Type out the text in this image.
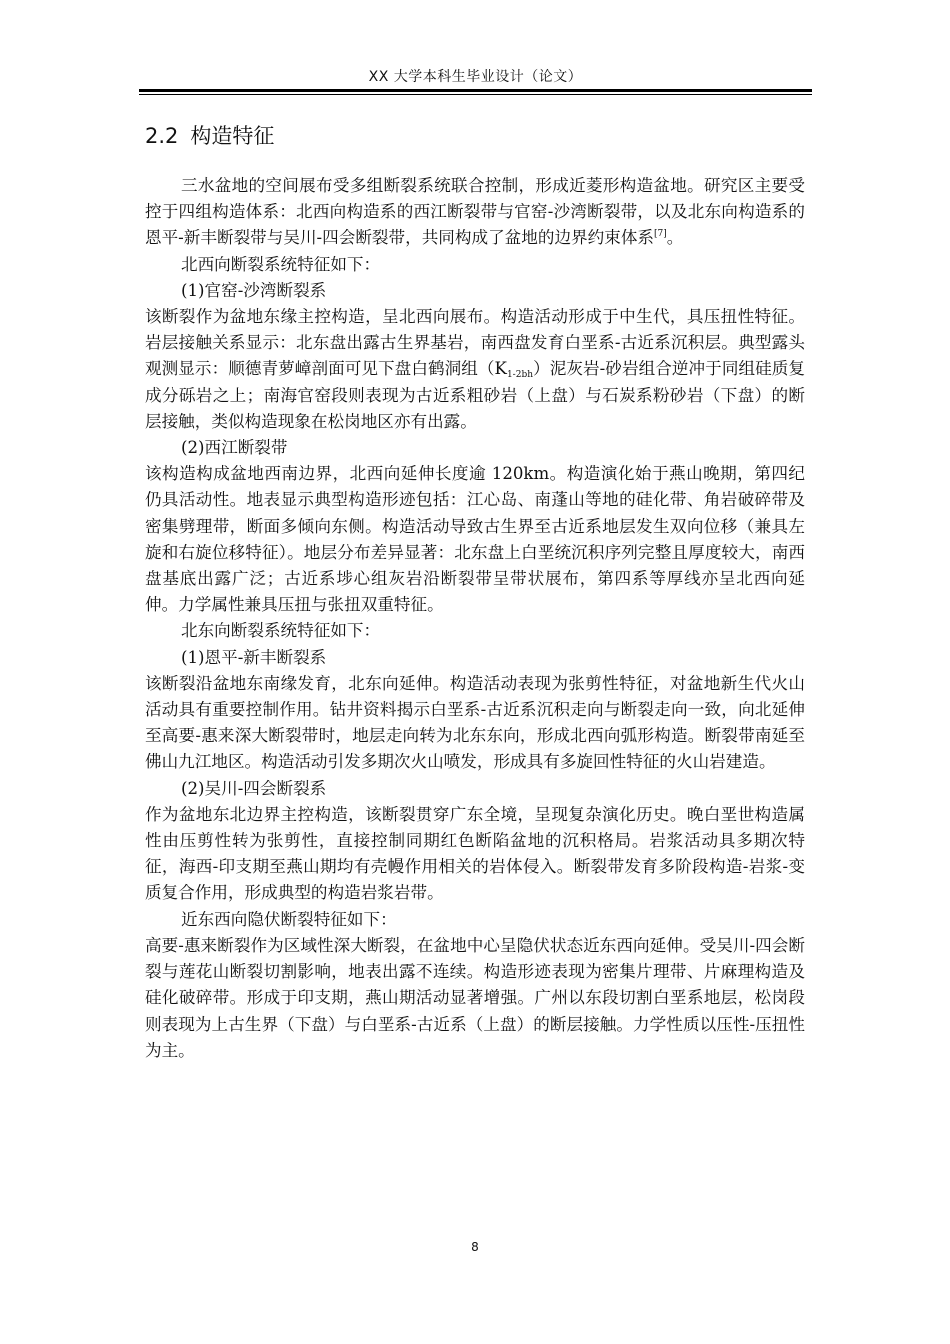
XX 大学本科生毕业设计（论文）
2.2 构造特征

三水盆地的空间展布受多组断裂系统联合控制，形成近菱形构造盆地。研究区主要受控于四组构造体系：北西向构造系的西江断裂带与官窑-沙湾断裂带，以及北东向构造系的恩平-新丰断裂带与吴川-四会断裂带，共同构成了盆地的边界约束体系[7]。

北西向断裂系统特征如下：

(1)官窑-沙湾断裂系

该断裂作为盆地东缘主控构造，呈北西向展布。构造活动形成于中生代，具压扭性特征。岩层接触关系显示：北东盘出露古生界基岩，南西盘发育白垩系-古近系沉积层。典型露头观测显示：顺德青萝嶂剖面可见下盘白鹤洞组$(K_{1-2bh})$泥灰岩-砂岩组合逆冲于同组硅质复成分砾岩之上；南海官窑段则表现为古近系粗砂岩（上盘）与石炭系粉砂岩（下盘）的断层接触，类似构造现象在松岗地区亦有出露。

(2)西江断裂带

该构造构成盆地西南边界，北西向延伸长度逾 120km。构造演化始于燕山晚期，第四纪仍具活动性。地表显示典型构造形迹包括：江心岛、南蓬山等地的硅化带、角岩破碎带及密集劈理带，断面多倾向东侧。构造活动导致古生界至古近系地层发生双向位移（兼具左旋和右旋位移特征）。地层分布差异显著：北东盘上白垩统沉积序列完整且厚度较大，南西盘基底出露广泛；古近系埗心组灰岩沿断裂带呈带状展布，第四系等厚线亦呈北西向延伸。力学属性兼具压扭与张扭双重特征。

北东向断裂系统特征如下：

(1)恩平-新丰断裂系

该断裂沿盆地东南缘发育，北东向延伸。构造活动表现为张剪性特征，对盆地新生代火山活动具有重要控制作用。钻井资料揭示白垩系-古近系沉积走向与断裂走向一致，向北延伸至高要-惠来深大断裂带时，地层走向转为北东东向，形成北西向弧形构造。断裂带南延至佛山九江地区。构造活动引发多期次火山喷发，形成具有多旋回性特征的火山岩建造。

(2)吴川-四会断裂系

作为盆地东北边界主控构造，该断裂贯穿广东全境，呈现复杂演化历史。晚白垩世构造属性由压剪性转为张剪性，直接控制同期红色断陷盆地的沉积格局。岩浆活动具多期次特征，海西-印支期至燕山期均有壳幔作用相关的岩体侵入。断裂带发育多阶段构造-岩浆-变质复合作用，形成典型的构造岩浆岩带。

近东西向隐伏断裂特征如下：

高要-惠来断裂作为区域性深大断裂，在盆地中心呈隐伏状态近东西向延伸。受吴川-四会断裂与莲花山断裂切割影响，地表出露不连续。构造形迹表现为密集片理带、片麻理构造及硅化破碎带。形成于印支期，燕山期活动显著增强。广州以东段切割白垩系地层，松岗段则表现为上古生界（下盘）与白垩系-古近系（上盘）的断层接触。力学性质以压性-压扭性为主。

8
